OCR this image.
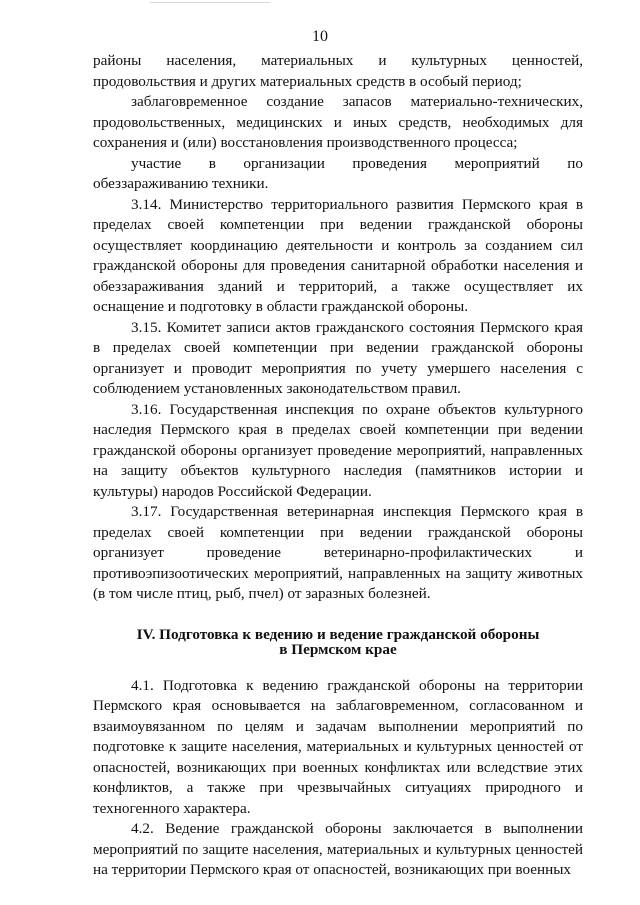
10

районы населения, материальных и культурных ценностей, продовольствия и других материальных средств в особый период;

заблаговременное создание запасов материально-технических, продовольственных, медицинских и иных средств, необходимых для сохранения и (или) восстановления производственного процесса;

участие в организации проведения мероприятий по обеззараживанию техники.

3.14. Министерство территориального развития Пермского края в пределах своей компетенции при ведении гражданской обороны осуществляет координацию деятельности и контроль за созданием сил гражданской обороны для проведения санитарной обработки населения и обеззараживания зданий и территорий, а также осуществляет их оснащение и подготовку в области гражданской обороны.

3.15. Комитет записи актов гражданского состояния Пермского края в пределах своей компетенции при ведении гражданской обороны организует и проводит мероприятия по учету умершего населения с соблюдением установленных законодательством правил.

3.16. Государственная инспекция по охране объектов культурного наследия Пермского края в пределах своей компетенции при ведении гражданской обороны организует проведение мероприятий, направленных на защиту объектов культурного наследия (памятников истории и культуры) народов Российской Федерации.

3.17. Государственная ветеринарная инспекция Пермского края в пределах своей компетенции при ведении гражданской обороны организует проведение ветеринарно-профилактических и противоэпизоотических мероприятий, направленных на защиту животных (в том числе птиц, рыб, пчел) от заразных болезней.

IV. Подготовка к ведению и ведение гражданской обороны
в Пермском крае

4.1. Подготовка к ведению гражданской обороны на территории Пермского края основывается на заблаговременном, согласованном и взаимоувязанном по целям и задачам выполнении мероприятий по подготовке к защите населения, материальных и культурных ценностей от опасностей, возникающих при военных конфликтах или вследствие этих конфликтов, а также при чрезвычайных ситуациях природного и техногенного характера.

4.2. Ведение гражданской обороны заключается в выполнении мероприятий по защите населения, материальных и культурных ценностей на территории Пермского края от опасностей, возникающих при военных
